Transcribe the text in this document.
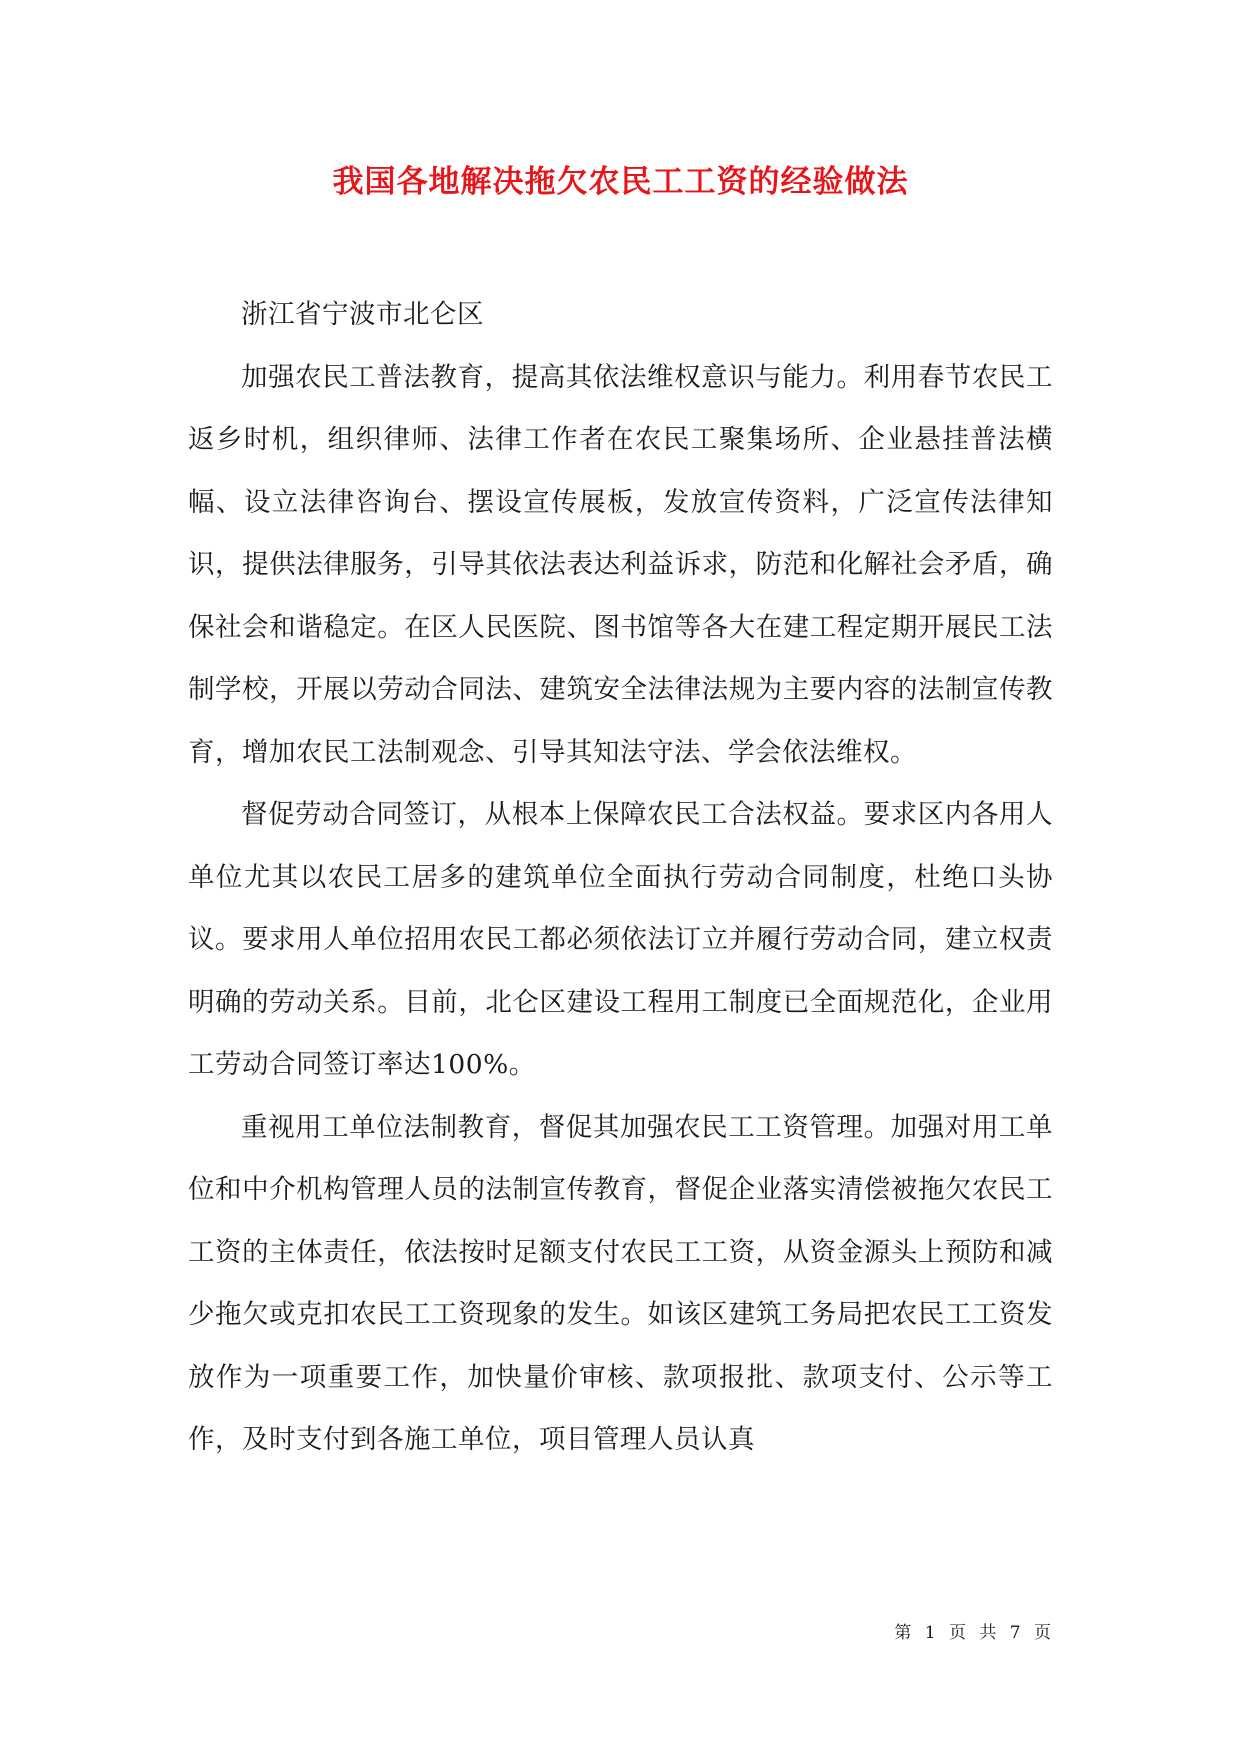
我国各地解决拖欠农民工工资的经验做法

浙江省宁波市北仑区

加强农民工普法教育，提高其依法维权意识与能力。利用春节农民工返乡时机，组织律师、法律工作者在农民工聚集场所、企业悬挂普法横幅、设立法律咨询台、摆设宣传展板，发放宣传资料，广泛宣传法律知识，提供法律服务，引导其依法表达利益诉求，防范和化解社会矛盾，确保社会和谐稳定。在区人民医院、图书馆等各大在建工程定期开展民工法制学校，开展以劳动合同法、建筑安全法律法规为主要内容的法制宣传教育，增加农民工法制观念、引导其知法守法、学会依法维权。

督促劳动合同签订，从根本上保障农民工合法权益。要求区内各用人单位尤其以农民工居多的建筑单位全面执行劳动合同制度，杜绝口头协议。要求用人单位招用农民工都必须依法订立并履行劳动合同，建立权责明确的劳动关系。目前，北仑区建设工程用工制度已全面规范化，企业用工劳动合同签订率达100%。

重视用工单位法制教育，督促其加强农民工工资管理。加强对用工单位和中介机构管理人员的法制宣传教育，督促企业落实清偿被拖欠农民工工资的主体责任，依法按时足额支付农民工工资，从资金源头上预防和减少拖欠或克扣农民工工资现象的发生。如该区建筑工务局把农民工工资发放作为一项重要工作，加快量价审核、款项报批、款项支付、公示等工作，及时支付到各施工单位，项目管理人员认真

第 1 页 共 7 页
